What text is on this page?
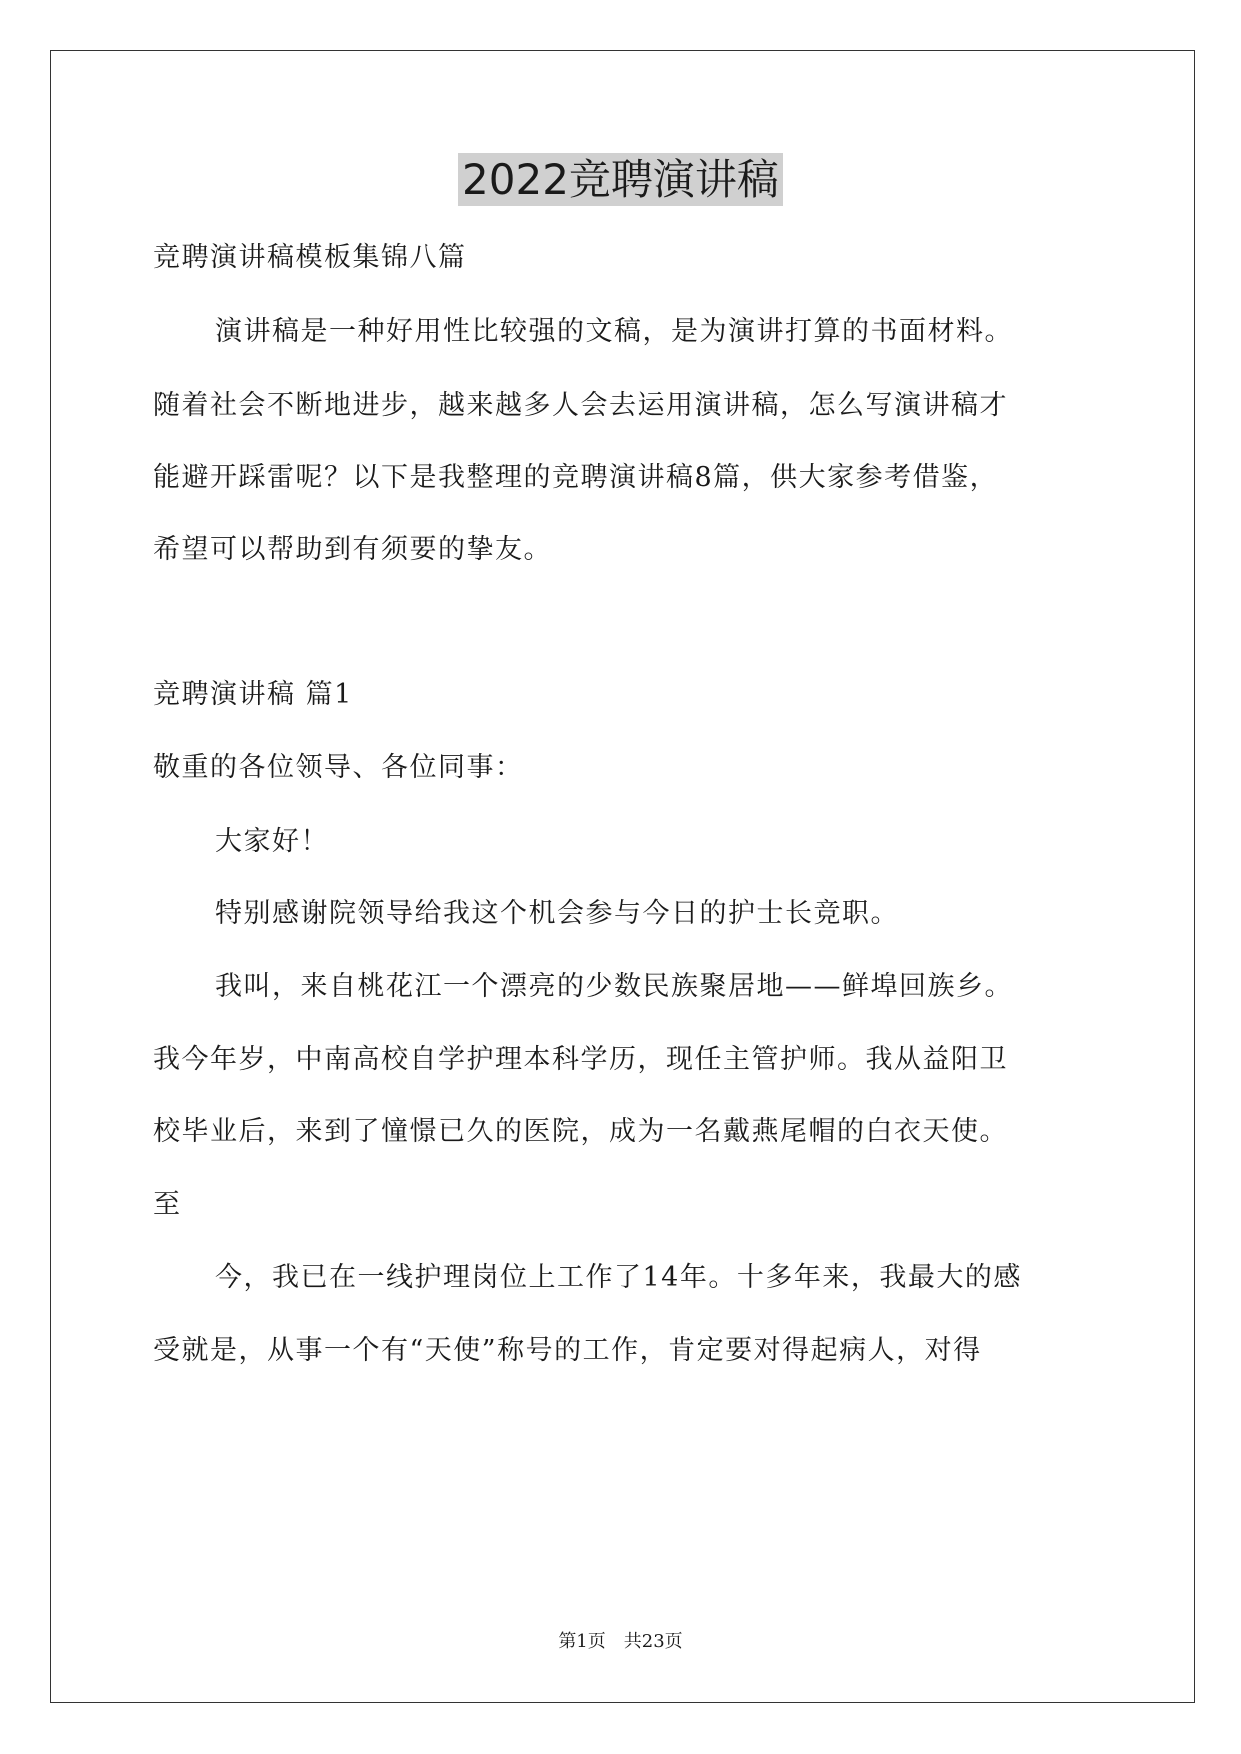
2022竞聘演讲稿
竞聘演讲稿模板集锦八篇
演讲稿是一种好用性比较强的文稿，是为演讲打算的书面材料。
随着社会不断地进步，越来越多人会去运用演讲稿，怎么写演讲稿才
能避开踩雷呢？以下是我整理的竞聘演讲稿8篇，供大家参考借鉴，
希望可以帮助到有须要的挚友。
竞聘演讲稿 篇1
敬重的各位领导、各位同事：
大家好！
特别感谢院领导给我这个机会参与今日的护士长竞职。
我叫，来自桃花江一个漂亮的少数民族聚居地——鲜埠回族乡。
我今年岁，中南高校自学护理本科学历，现任主管护师。我从益阳卫
校毕业后，来到了憧憬已久的医院，成为一名戴燕尾帽的白衣天使。
至
今，我已在一线护理岗位上工作了14年。十多年来，我最大的感
受就是，从事一个有“天使”称号的工作，肯定要对得起病人，对得
第1页 共23页
